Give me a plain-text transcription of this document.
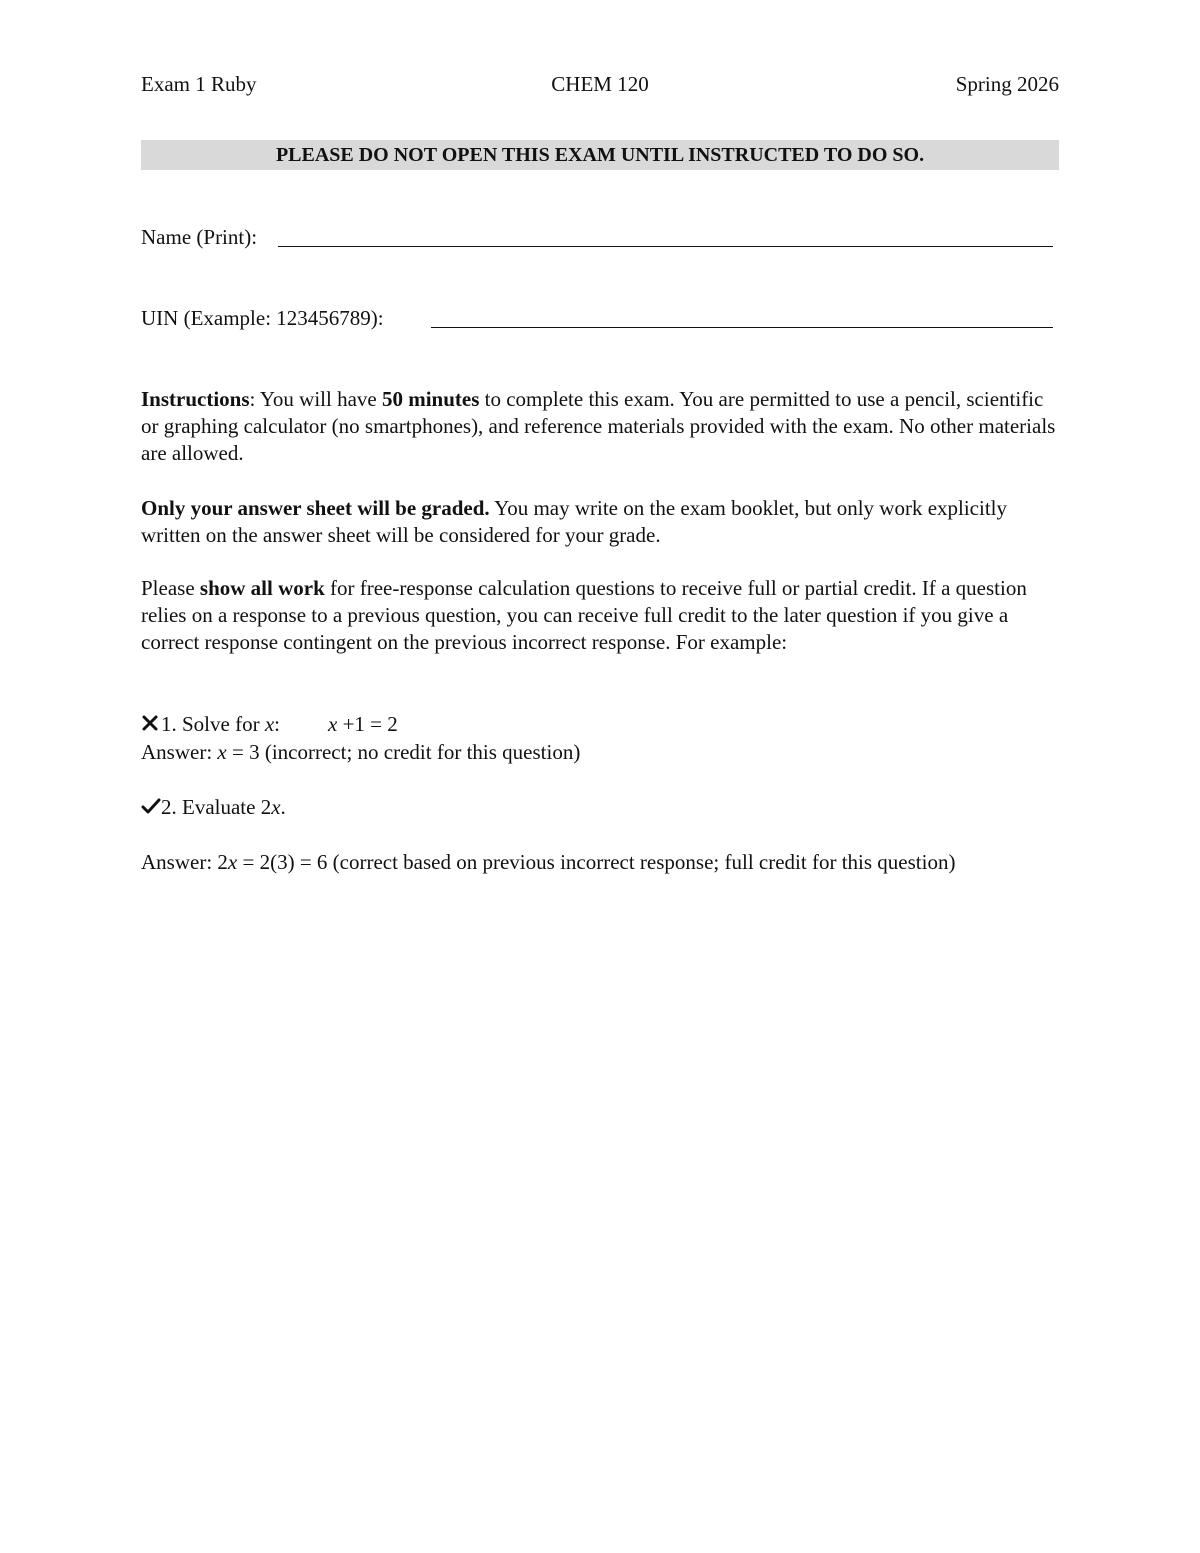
Exam 1 Ruby	CHEM 120	Spring 2026
PLEASE DO NOT OPEN THIS EXAM UNTIL INSTRUCTED TO DO SO.
Name (Print):
UIN (Example: 123456789):
Instructions: You will have 50 minutes to complete this exam. You are permitted to use a pencil, scientific or graphing calculator (no smartphones), and reference materials provided with the exam. No other materials are allowed.
Only your answer sheet will be graded. You may write on the exam booklet, but only work explicitly written on the answer sheet will be considered for your grade.
Please show all work for free-response calculation questions to receive full or partial credit. If a question relies on a response to a previous question, you can receive full credit to the later question if you give a correct response contingent on the previous incorrect response. For example:
1. Solve for x: x +1 = 2
Answer: x = 3 (incorrect; no credit for this question)
2. Evaluate 2x.
Answer: 2x = 2(3) = 6 (correct based on previous incorrect response; full credit for this question)
